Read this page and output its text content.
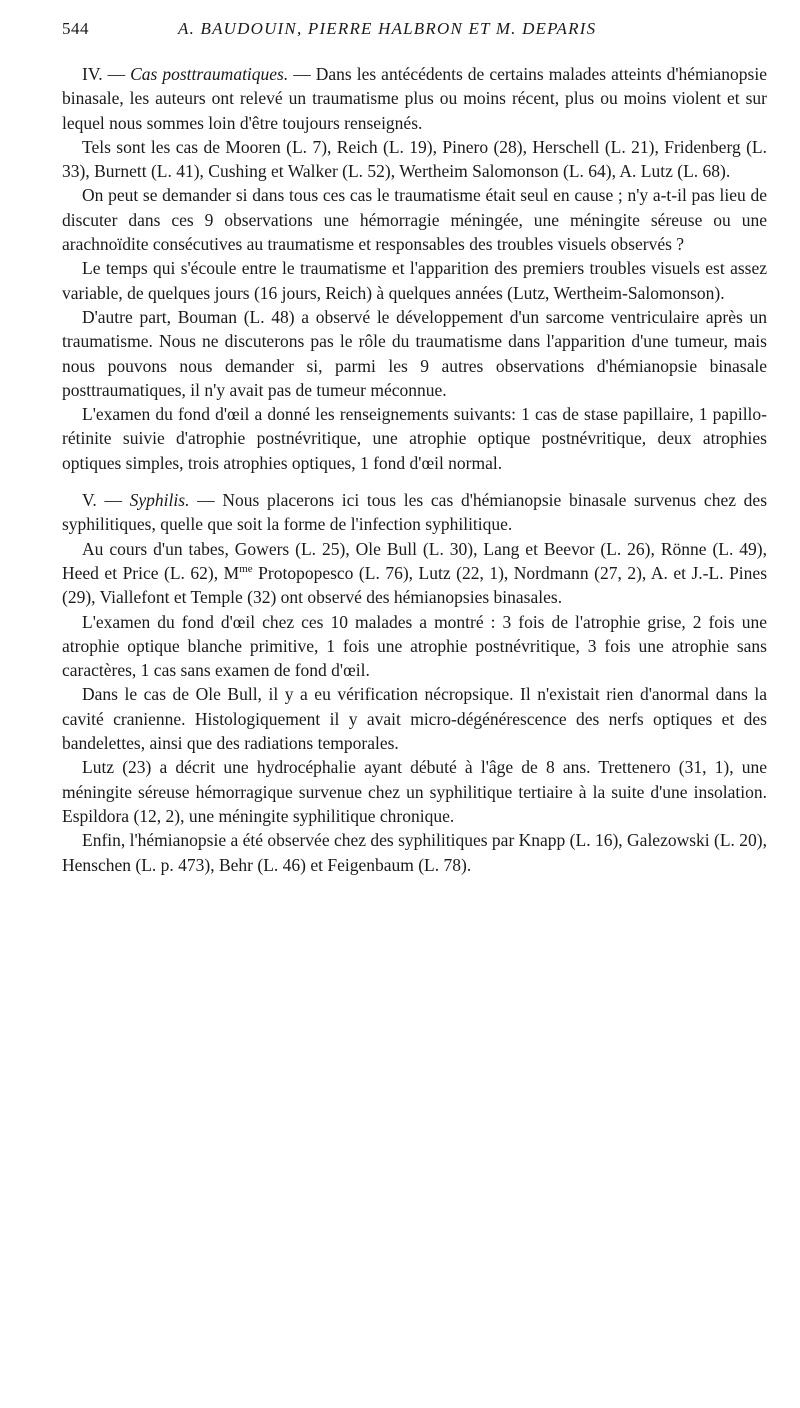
544	A. BAUDOUIN, PIERRE HALBRON ET M. DEPARIS

IV. — Cas posttraumatiques. — Dans les antécédents de certains malades atteints d'hémianopsie binasale, les auteurs ont relevé un traumatisme plus ou moins récent, plus ou moins violent et sur lequel nous sommes loin d'être toujours renseignés.

Tels sont les cas de Mooren (L. 7), Reich (L. 19), Pinero (28), Herschell (L. 21), Fridenberg (L. 33), Burnett (L. 41), Cushing et Walker (L. 52), Wertheim Salomonson (L. 64), A. Lutz (L. 68).

On peut se demander si dans tous ces cas le traumatisme était seul en cause ; n'y a-t-il pas lieu de discuter dans ces 9 observations une hémorragie méningée, une méningite séreuse ou une arachnoïdite consécutives au traumatisme et responsables des troubles visuels observés ?

Le temps qui s'écoule entre le traumatisme et l'apparition des premiers troubles visuels est assez variable, de quelques jours (16 jours, Reich) à quelques années (Lutz, Wertheim-Salomonson).

D'autre part, Bouman (L. 48) a observé le développement d'un sarcome ventriculaire après un traumatisme. Nous ne discuterons pas le rôle du traumatisme dans l'apparition d'une tumeur, mais nous pouvons nous demander si, parmi les 9 autres observations d'hémianopsie binasale posttraumatiques, il n'y avait pas de tumeur méconnue.

L'examen du fond d'œil a donné les renseignements suivants: 1 cas de stase papillaire, 1 papillo-rétinite suivie d'atrophie postnévritique, une atrophie optique postnévritique, deux atrophies optiques simples, trois atrophies optiques, 1 fond d'œil normal.

V. — Syphilis. — Nous placerons ici tous les cas d'hémianopsie binasale survenus chez des syphilitiques, quelle que soit la forme de l'infection syphilitique.

Au cours d'un tabes, Gowers (L. 25), Ole Bull (L. 30), Lang et Beevor (L. 26), Rönne (L. 49), Heed et Price (L. 62), $M^{me}$ Protopopesco (L. 76), Lutz (22, 1), Nordmann (27, 2), A. et J.-L. Pines (29), Viallefont et Temple (32) ont observé des hémianopsies binasales.

L'examen du fond d'œil chez ces 10 malades a montré : 3 fois de l'atrophie grise, 2 fois une atrophie optique blanche primitive, 1 fois une atrophie postnévritique, 3 fois une atrophie sans caractères, 1 cas sans examen de fond d'œil.

Dans le cas de Ole Bull, il y a eu vérification nécropsique. Il n'existait rien d'anormal dans la cavité cranienne. Histologiquement il y avait micro-dégénérescence des nerfs optiques et des bandelettes, ainsi que des radiations temporales.

Lutz (23) a décrit une hydrocéphalie ayant débuté à l'âge de 8 ans. Trettenero (31, 1), une méningite séreuse hémorragique survenue chez un syphilitique tertiaire à la suite d'une insolation. Espildora (12, 2), une méningite syphilitique chronique.

Enfin, l'hémianopsie a été observée chez des syphilitiques par Knapp (L. 16), Galezowski (L. 20), Henschen (L. p. 473), Behr (L. 46) et Feigenbaum (L. 78).
